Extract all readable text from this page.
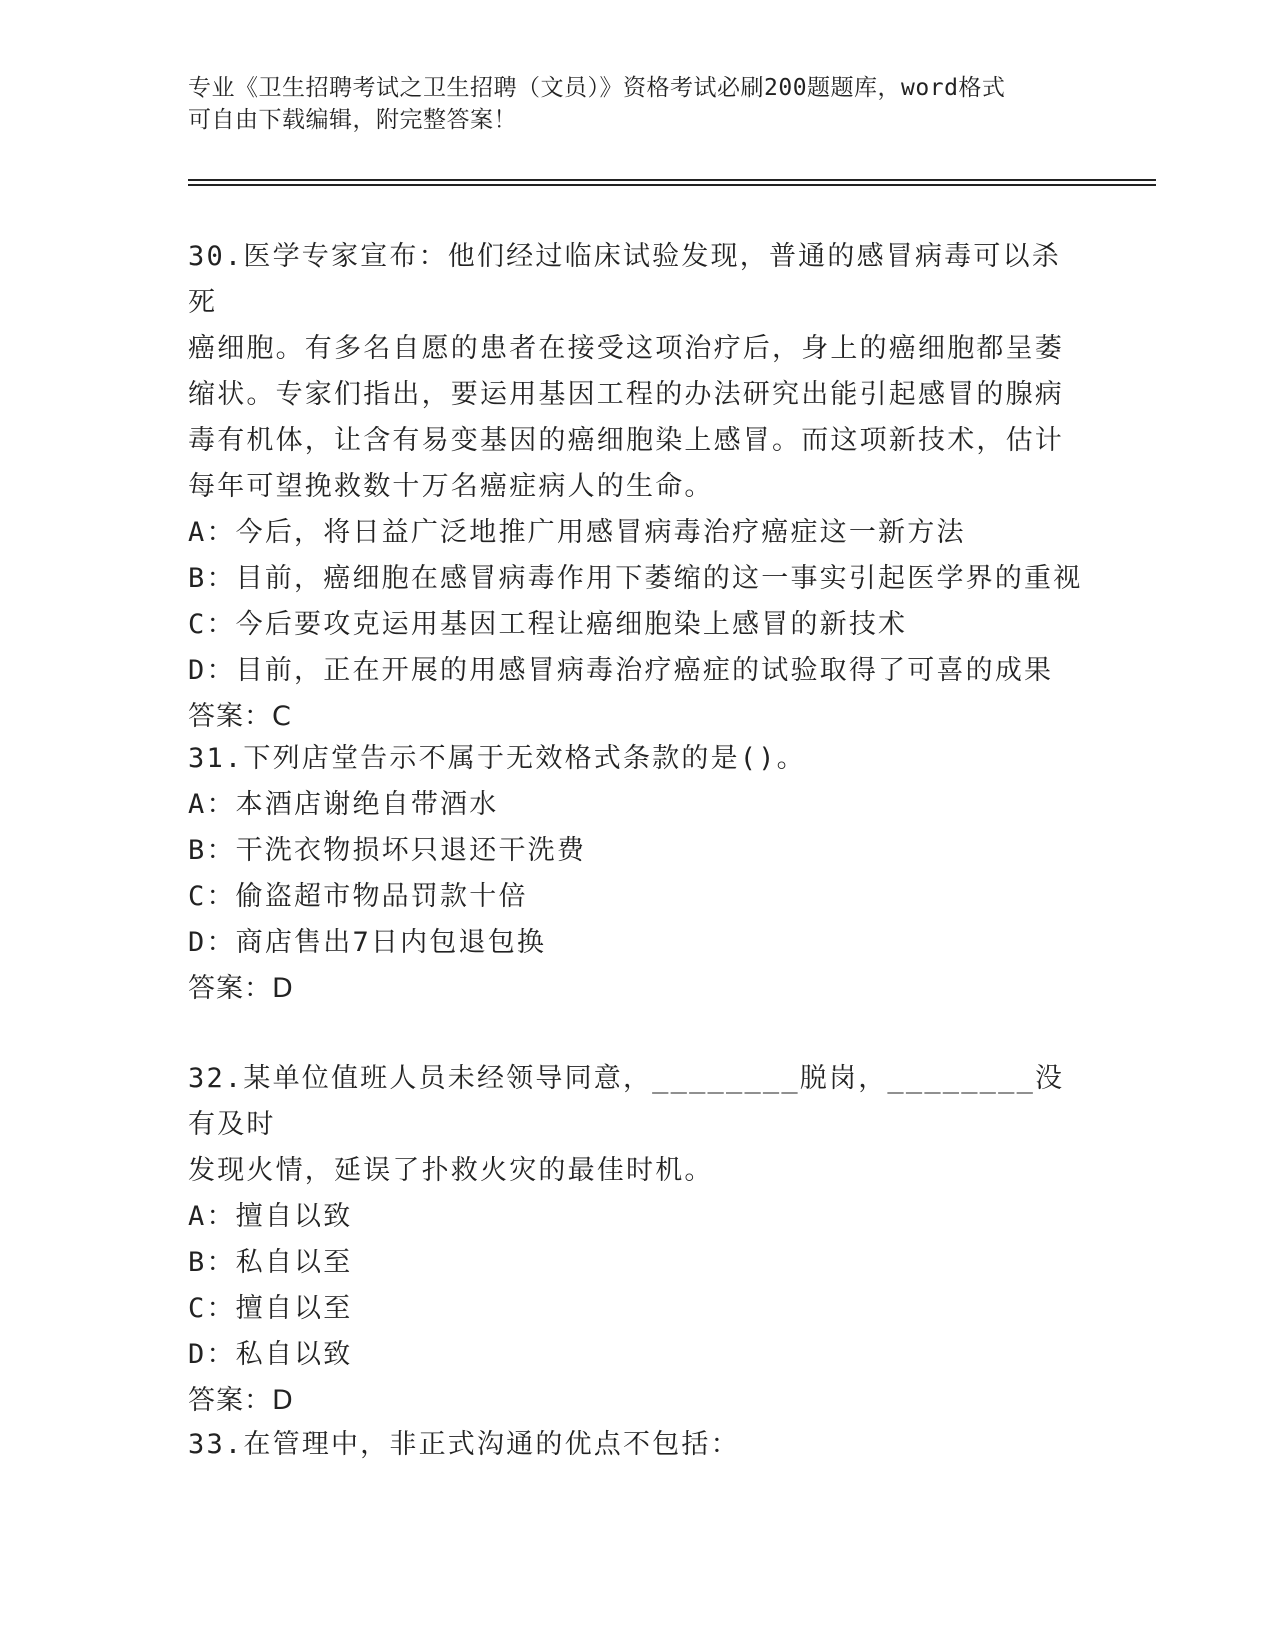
专业《卫生招聘考试之卫生招聘（文员）》资格考试必刷200题题库，word格式
可自由下载编辑，附完整答案！
30.医学专家宣布：他们经过临床试验发现，普通的感冒病毒可以杀死
癌细胞。有多名自愿的患者在接受这项治疗后，身上的癌细胞都呈萎
缩状。专家们指出，要运用基因工程的办法研究出能引起感冒的腺病
毒有机体，让含有易变基因的癌细胞染上感冒。而这项新技术，估计
每年可望挽救数十万名癌症病人的生命。
A：今后，将日益广泛地推广用感冒病毒治疗癌症这一新方法
B：目前，癌细胞在感冒病毒作用下萎缩的这一事实引起医学界的重视
C：今后要攻克运用基因工程让癌细胞染上感冒的新技术
D：目前，正在开展的用感冒病毒治疗癌症的试验取得了可喜的成果
答案：C
31.下列店堂告示不属于无效格式条款的是()。
A：本酒店谢绝自带酒水
B：干洗衣物损坏只退还干洗费
C：偷盗超市物品罚款十倍
D：商店售出7日内包退包换
答案：D
32.某单位值班人员未经领导同意，________脱岗，________没有及时
发现火情，延误了扑救火灾的最佳时机。
A：擅自以致
B：私自以至
C：擅自以至
D：私自以致
答案：D
33.在管理中，非正式沟通的优点不包括：
